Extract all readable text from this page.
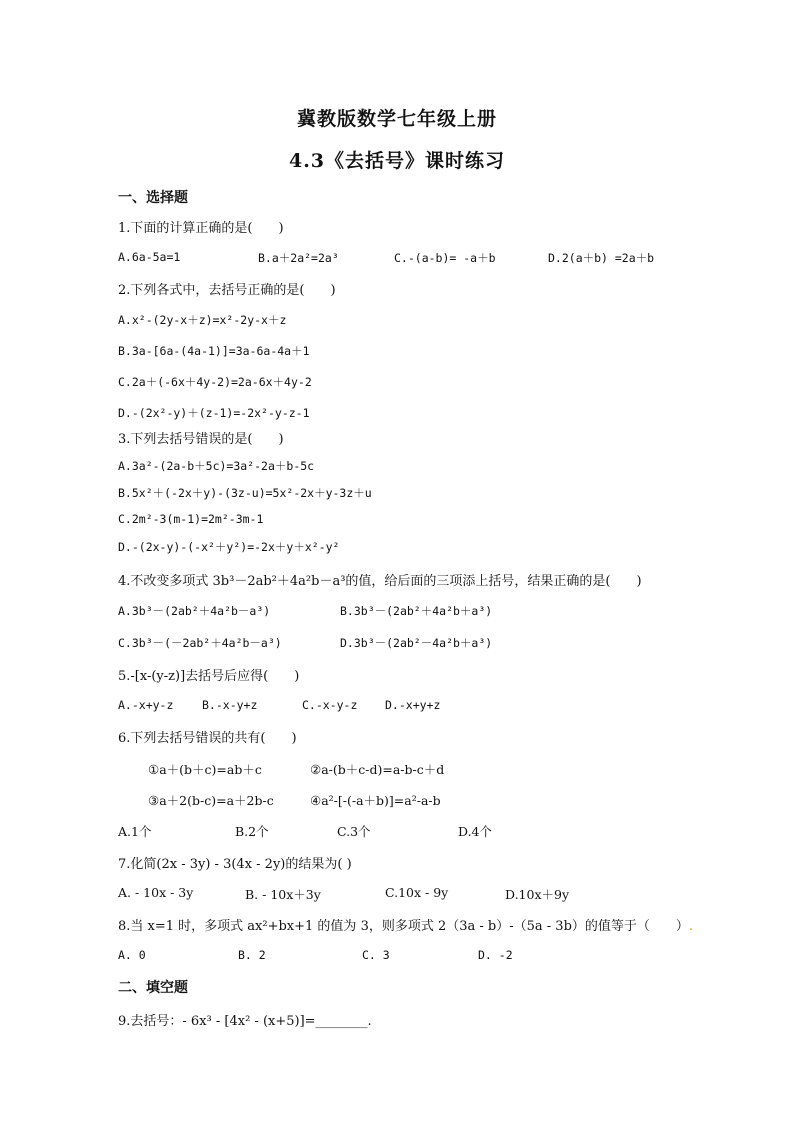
冀教版数学七年级上册
4.3《去括号》课时练习
一、选择题
1.下面的计算正确的是(　　)
A.6a-5a=1	B.a＋2a²=2a³	C.-(a-b)= -a＋b	D.2(a＋b) =2a＋b
2.下列各式中，去括号正确的是(　　)
A.x²-(2y-x＋z)=x²-2y-x＋z
B.3a-[6a-(4a-1)]=3a-6a-4a＋1
C.2a＋(-6x＋4y-2)=2a-6x＋4y-2
D.-(2x²-y)＋(z-1)=-2x²-y-z-1
3.下列去括号错误的是(　　)
A.3a²-(2a-b＋5c)=3a²-2a＋b-5c
B.5x²＋(-2x＋y)-(3z-u)=5x²-2x＋y-3z＋u
C.2m²-3(m-1)=2m²-3m-1
D.-(2x-y)-(-x²＋y²)=-2x＋y＋x²-y²
4.不改变多项式 3b³－2ab²＋4a²b－a³的值，给后面的三项添上括号，结果正确的是(　　)
A.3b³－(2ab²＋4a²b－a³)	B.3b³－(2ab²＋4a²b＋a³)
C.3b³－(－2ab²＋4a²b－a³)	D.3b³－(2ab²－4a²b＋a³)
5.-[x-(y-z)]去括号后应得(　　)
A.-x+y-z B.-x-y+z	C.-x-y-z D.-x+y+z
6.下列去括号错误的共有(　　)
①a＋(b＋c)=ab＋c	②a-(b＋c-d)=a-b-c＋d
③a＋2(b-c)=a＋2b-c	④a²-[-(-a＋b)]=a²-a-b
A.1个	B.2个	C.3个	D.4个
7.化简(2x - 3y) - 3(4x - 2y)的结果为( )
A. - 10x - 3y	B. - 10x＋3y	C.10x - 9y	D.10x＋9y
8.当 x=1 时，多项式 ax²+bx+1 的值为 3，则多项式 2（3a - b）-（5a - 3b）的值等于（　　）.
A. 0	B. 2	C. 3	D. -2
二、填空题
9.去括号：- 6x³ - [4x² - (x+5)]=________.
